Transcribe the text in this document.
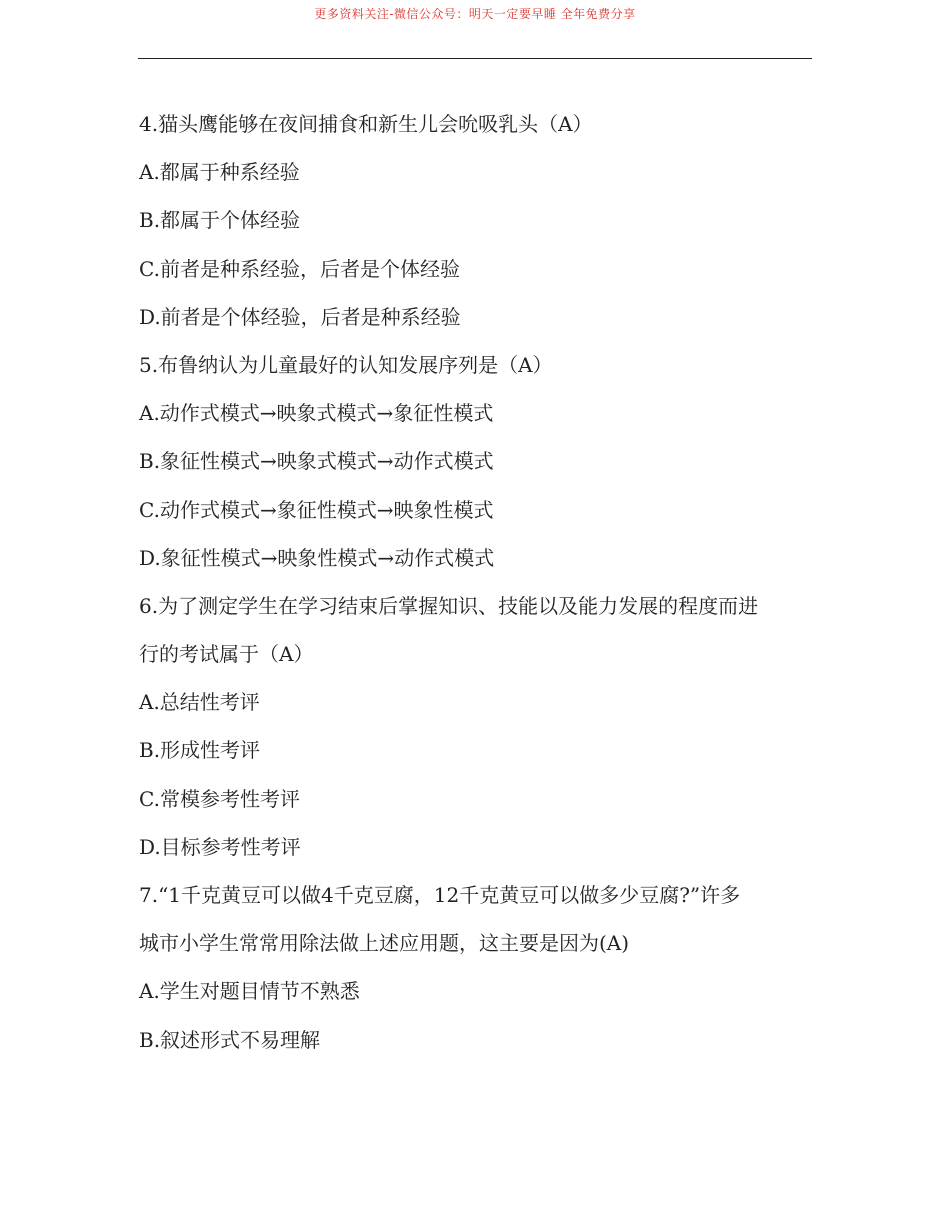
更多资料关注-微信公众号：明天一定要早睡 全年免费分享
4.猫头鹰能够在夜间捕食和新生儿会吮吸乳头（A）
A.都属于种系经验
B.都属于个体经验
C.前者是种系经验，后者是个体经验
D.前者是个体经验，后者是种系经验
5.布鲁纳认为儿童最好的认知发展序列是（A）
A.动作式模式→映象式模式→象征性模式
B.象征性模式→映象式模式→动作式模式
C.动作式模式→象征性模式→映象性模式
D.象征性模式→映象性模式→动作式模式
6.为了测定学生在学习结束后掌握知识、技能以及能力发展的程度而进
行的考试属于（A）
A.总结性考评
B.形成性考评
C.常模参考性考评
D.目标参考性考评
7.“1千克黄豆可以做4千克豆腐，12千克黄豆可以做多少豆腐?”许多
城市小学生常常用除法做上述应用题，这主要是因为(A)
A.学生对题目情节不熟悉
B.叙述形式不易理解
